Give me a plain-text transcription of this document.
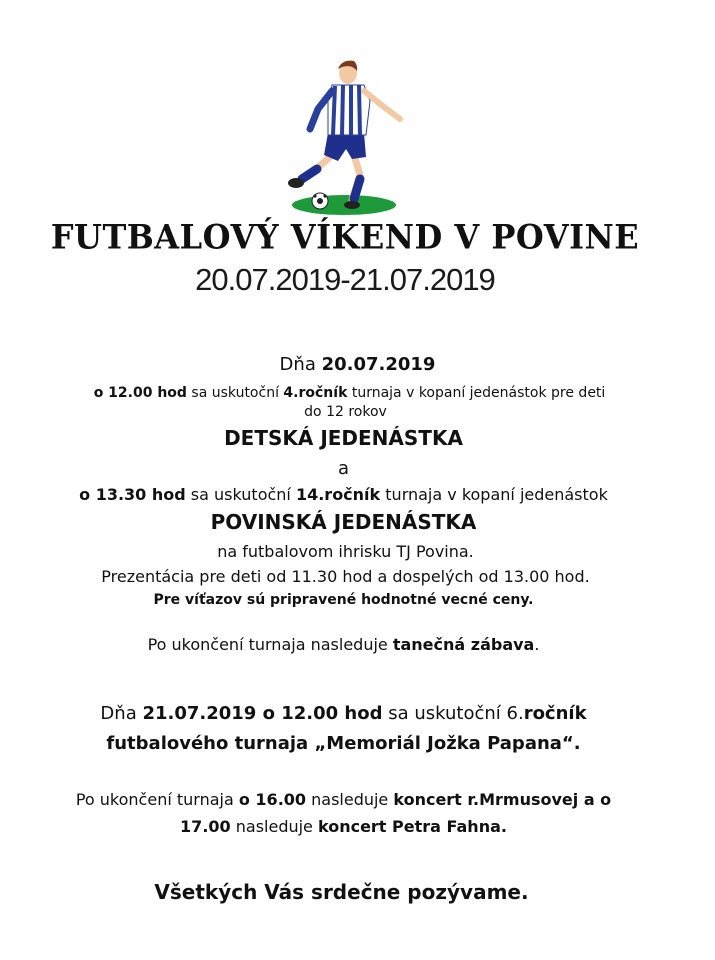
FUTBALOVÝ VÍKEND V POVINE
20.07.2019-21.07.2019
Dňa 20.07.2019
o 12.00 hod sa uskutoční 4.ročník turnaja v kopaní jedenástok pre deti
do 12 rokov
DETSKÁ JEDENÁSTKA
a
o 13.30 hod sa uskutoční 14.ročník turnaja v kopaní jedenástok
POVINSKÁ JEDENÁSTKA
na futbalovom ihrisku TJ Povina.
Prezentácia pre deti od 11.30 hod a dospelých od 13.00 hod.
Pre víťazov sú pripravené hodnotné vecné ceny.
Po ukončení turnaja nasleduje tanečná zábava.
Dňa 21.07.2019 o 12.00 hod sa uskutoční 6.ročník
futbalového turnaja „Memoriál Jožka Papana“.
Po ukončení turnaja o 16.00 nasleduje koncert r.Mrmusovej a o
17.00 nasleduje koncert Petra Fahna.
Všetkých Vás srdečne pozývame.
